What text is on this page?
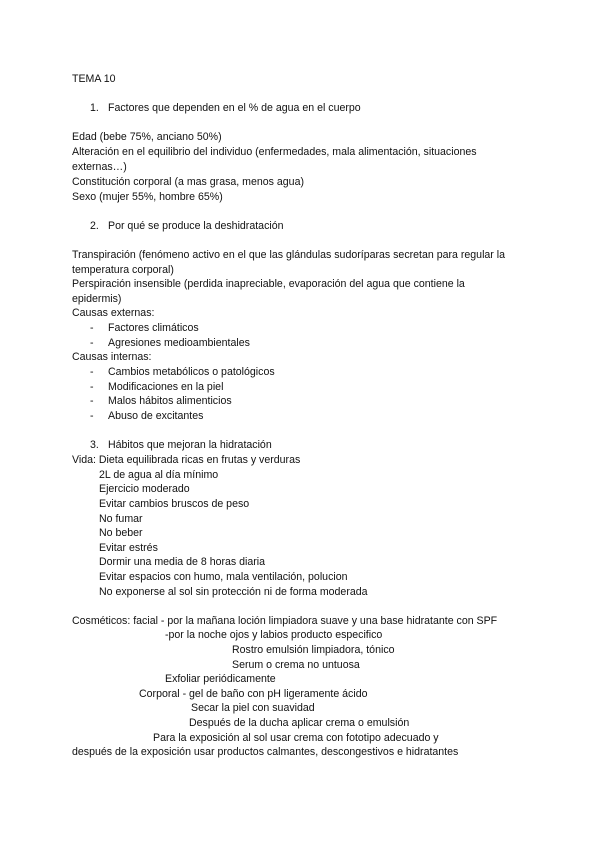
TEMA 10
1. Factores que dependen en el % de agua en el cuerpo
Edad (bebe 75%, anciano 50%)
Alteración en el equilibrio del individuo (enfermedades, mala alimentación, situaciones
externas…)
Constitución corporal (a mas grasa, menos agua)
Sexo (mujer 55%, hombre 65%)
2. Por qué se produce la deshidratación
Transpiración (fenómeno activo en el que las glándulas sudoríparas secretan para regular la
temperatura corporal)
Perspiración insensible (perdida inapreciable, evaporación del agua que contiene la
epidermis)
Causas externas:
- Factores climáticos
- Agresiones medioambientales
Causas internas:
- Cambios metabólicos o patológicos
- Modificaciones en la piel
- Malos hábitos alimenticios
- Abuso de excitantes
3. Hábitos que mejoran la hidratación
Vida: Dieta equilibrada ricas en frutas y verduras
2L de agua al día mínimo
Ejercicio moderado
Evitar cambios bruscos de peso
No fumar
No beber
Evitar estrés
Dormir una media de 8 horas diaria
Evitar espacios con humo, mala ventilación, polucion
No exponerse al sol sin protección ni de forma moderada
Cosméticos: facial - por la mañana loción limpiadora suave y una base hidratante con SPF
-por la noche ojos y labios producto especifico
Rostro emulsión limpiadora, tónico
Serum o crema no untuosa
Exfoliar periódicamente
Corporal - gel de baño con pH ligeramente ácido
Secar la piel con suavidad
Después de la ducha aplicar crema o emulsión
Para la exposición al sol usar crema con fototipo adecuado y
después de la exposición usar productos calmantes, descongestivos e hidratantes
